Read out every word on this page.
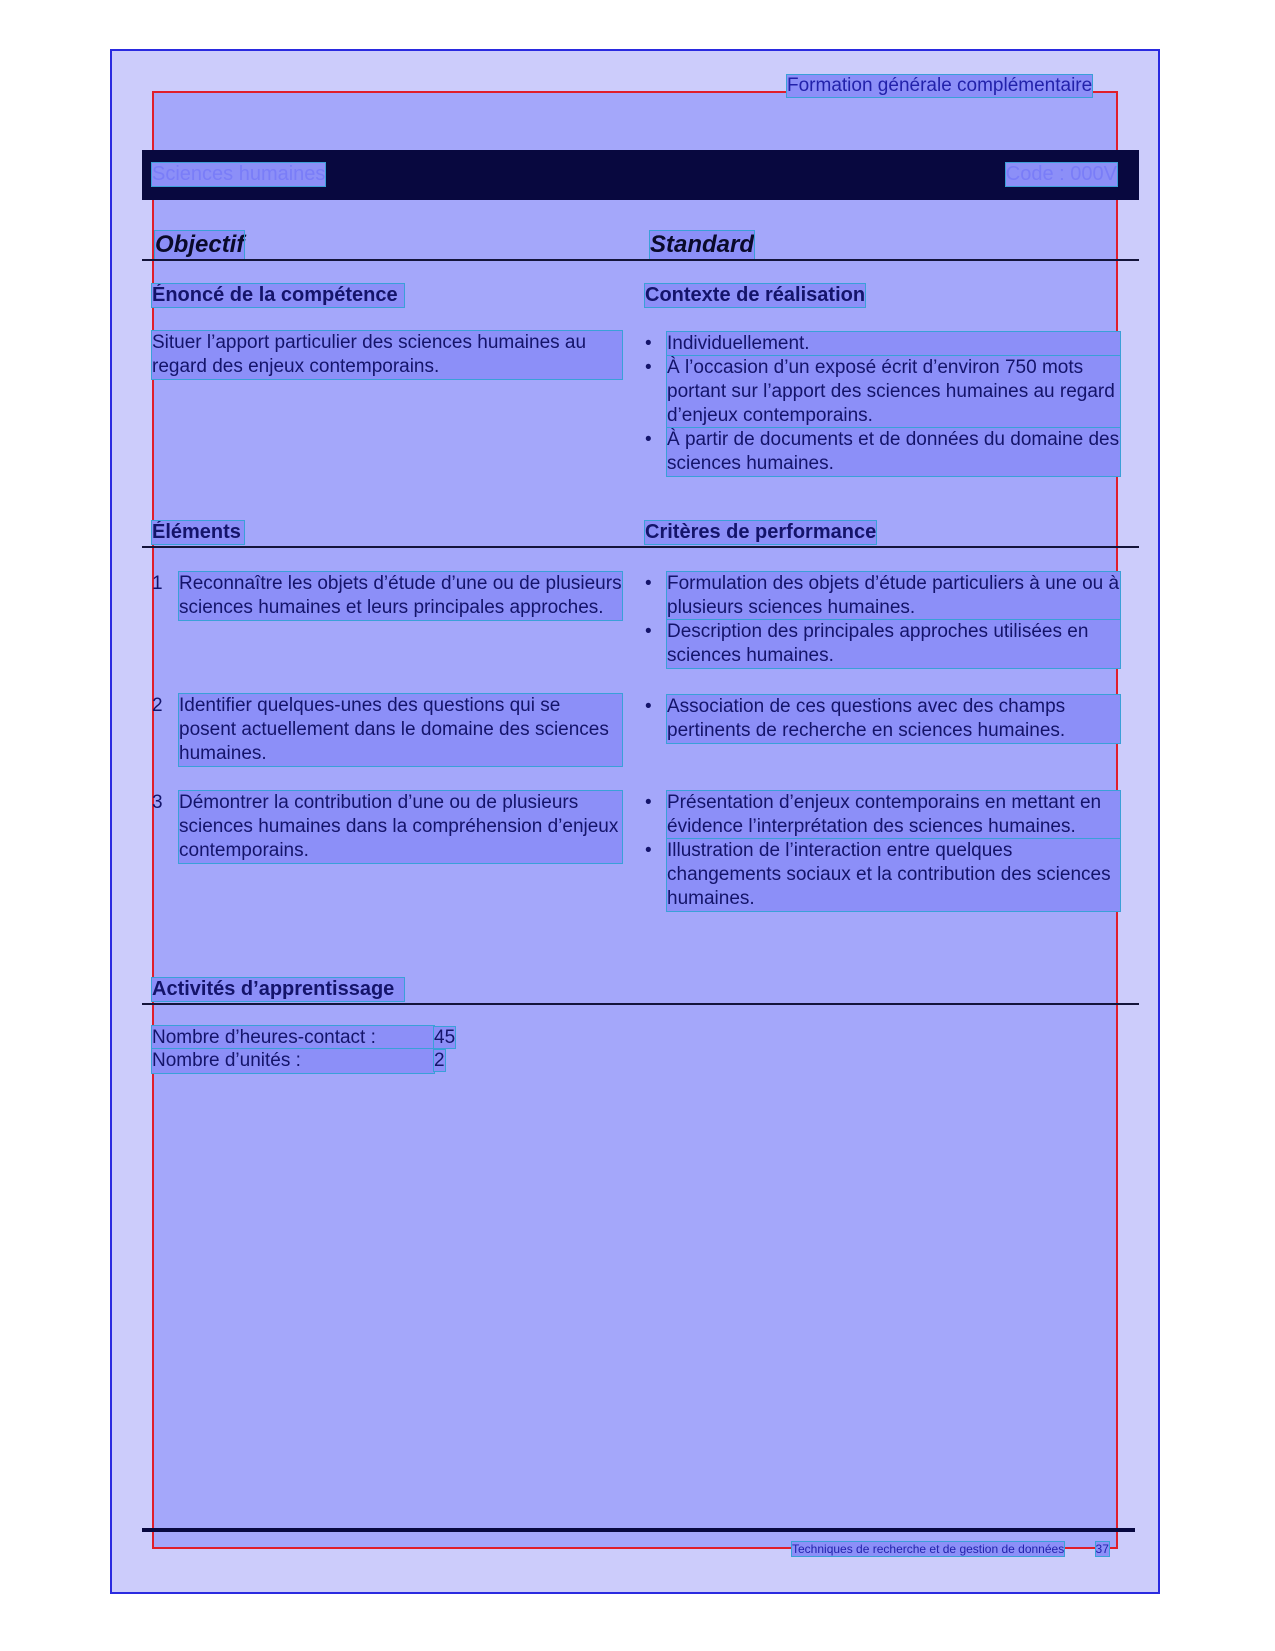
Formation générale complémentaire
Sciences humaines	Code : 000V
Objectif	Standard
Énoncé de la compétence	Contexte de réalisation
Situer l’apport particulier des sciences humaines au regard des enjeux contemporains.
• Individuellement.
• À l’occasion d’un exposé écrit d’environ 750 mots portant sur l’apport des sciences humaines au regard d’enjeux contemporains.
• À partir de documents et de données du domaine des sciences humaines.
Éléments	Critères de performance
1 Reconnaître les objets d’étude d’une ou de plusieurs sciences humaines et leurs principales approches.
• Formulation des objets d’étude particuliers à une ou à plusieurs sciences humaines.
• Description des principales approches utilisées en sciences humaines.
2 Identifier quelques-unes des questions qui se posent actuellement dans le domaine des sciences humaines.
• Association de ces questions avec des champs pertinents de recherche en sciences humaines.
3 Démontrer la contribution d’une ou de plusieurs sciences humaines dans la compréhension d’enjeux contemporains.
• Présentation d’enjeux contemporains en mettant en évidence l’interprétation des sciences humaines.
• Illustration de l’interaction entre quelques changements sociaux et la contribution des sciences humaines.
Activités d’apprentissage
Nombre d’heures-contact :	45
Nombre d’unités :	2
Techniques de recherche et de gestion de données	37
